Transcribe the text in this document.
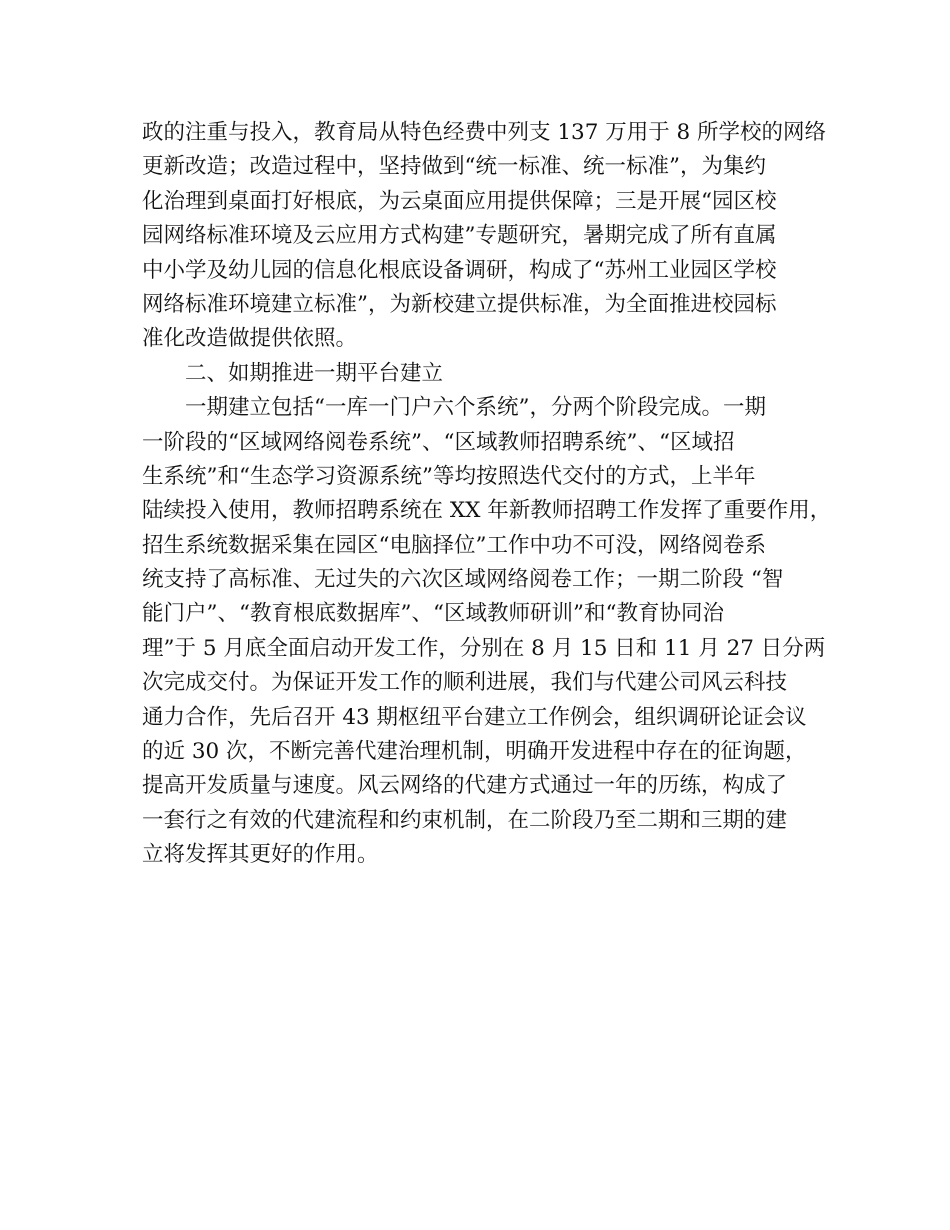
政的注重与投入，教育局从特色经费中列支 137 万用于 8 所学校的网络
更新改造；改造过程中，坚持做到“统一标准、统一标准”，为集约
化治理到桌面打好根底，为云桌面应用提供保障；三是开展“园区校
园网络标准环境及云应用方式构建”专题研究，暑期完成了所有直属
中小学及幼儿园的信息化根底设备调研，构成了“苏州工业园区学校
网络标准环境建立标准”，为新校建立提供标准，为全面推进校园标
准化改造做提供依照。
　　二、如期推进一期平台建立
　　一期建立包括“一库一门户六个系统”，分两个阶段完成。一期
一阶段的“区域网络阅卷系统”、“区域教师招聘系统”、“区域招
生系统”和“生态学习资源系统”等均按照迭代交付的方式，上半年
陆续投入使用，教师招聘系统在 XX 年新教师招聘工作发挥了重要作用，
招生系统数据采集在园区“电脑择位”工作中功不可没，网络阅卷系
统支持了高标准、无过失的六次区域网络阅卷工作；一期二阶段 “智
能门户”、“教育根底数据库”、“区域教师研训”和“教育协同治
理”于 5 月底全面启动开发工作，分别在 8 月 15 日和 11 月 27 日分两
次完成交付。为保证开发工作的顺利进展，我们与代建公司风云科技
通力合作，先后召开 43 期枢纽平台建立工作例会，组织调研论证会议
的近 30 次，不断完善代建治理机制，明确开发进程中存在的征询题，
提高开发质量与速度。风云网络的代建方式通过一年的历练，构成了
一套行之有效的代建流程和约束机制，在二阶段乃至二期和三期的建
立将发挥其更好的作用。
